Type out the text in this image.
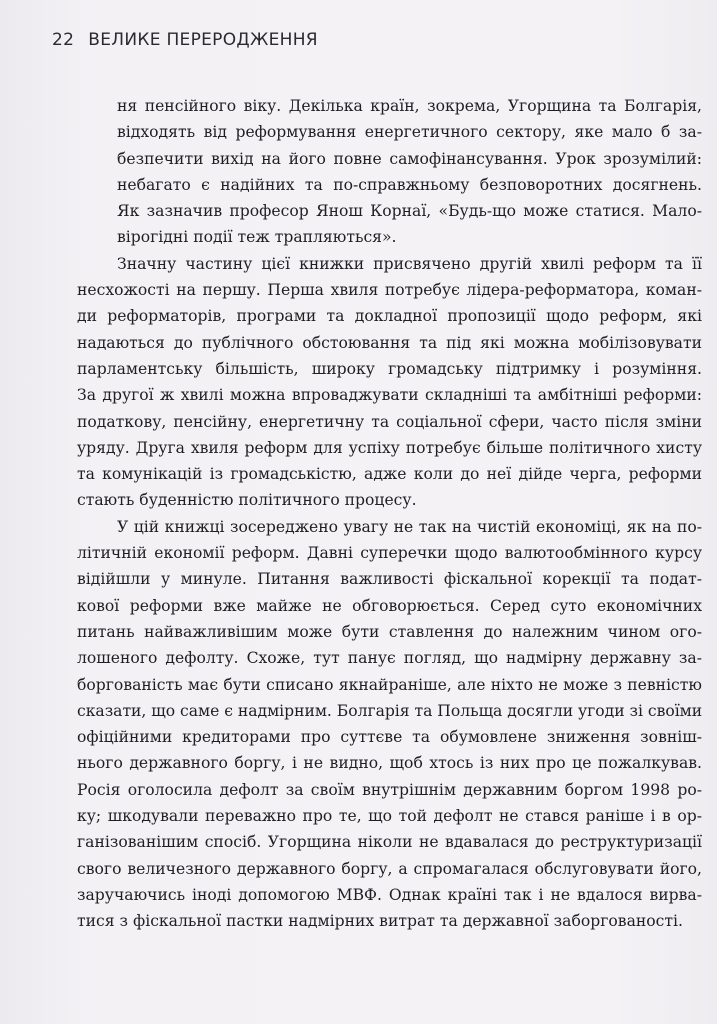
22 ВЕЛИКЕ ПЕРЕРОДЖЕННЯ
ня пенсійного віку. Декілька країн, зокрема, Угорщина та Болгарія,
відходять від реформування енергетичного сектору, яке мало б за-
безпечити вихід на його повне самофінансування. Урок зрозумілий:
небагато є надійних та по-справжньому безповоротних досягнень.
Як зазначив професор Янош Корнаї, «Будь-що може статися. Мало-
вірогідні події теж трапляються».
Значну частину цієї книжки присвячено другій хвилі реформ та її
несхожості на першу. Перша хвиля потребує лідера-реформатора, коман-
ди реформаторів, програми та докладної пропозиції щодо реформ, які
надаються до публічного обстоювання та під які можна мобілізовувати
парламентську більшість, широку громадську підтримку і розуміння.
За другої ж хвилі можна впроваджувати складніші та амбітніші реформи:
податкову, пенсійну, енергетичну та соціальної сфери, часто після зміни
уряду. Друга хвиля реформ для успіху потребує більше політичного хисту
та комунікацій із громадськістю, адже коли до неї дійде черга, реформи
стають буденністю політичного процесу.
У цій книжці зосереджено увагу не так на чистій економіці, як на по-
літичній економії реформ. Давні суперечки щодо валютообмінного курсу
відійшли у минуле. Питання важливості фіскальної корекції та подат-
кової реформи вже майже не обговорюється. Серед суто економічних
питань найважливішим може бути ставлення до належним чином ого-
лошеного дефолту. Схоже, тут панує погляд, що надмірну державну за-
боргованість має бути списано якнайраніше, але ніхто не може з певністю
сказати, що саме є надмірним. Болгарія та Польща досягли угоди зі своїми
офіційними кредиторами про суттєве та обумовлене зниження зовніш-
нього державного боргу, і не видно, щоб хтось із них про це пожалкував.
Росія оголосила дефолт за своїм внутрішнім державним боргом 1998 ро-
ку; шкодували переважно про те, що той дефолт не стався раніше і в ор-
ганізованішим спосіб. Угорщина ніколи не вдавалася до реструктуризації
свого величезного державного боргу, а спромагалася обслуговувати його,
заручаючись іноді допомогою МВФ. Однак країні так і не вдалося вирва-
тися з фіскальної пастки надмірних витрат та державної заборгованості.
